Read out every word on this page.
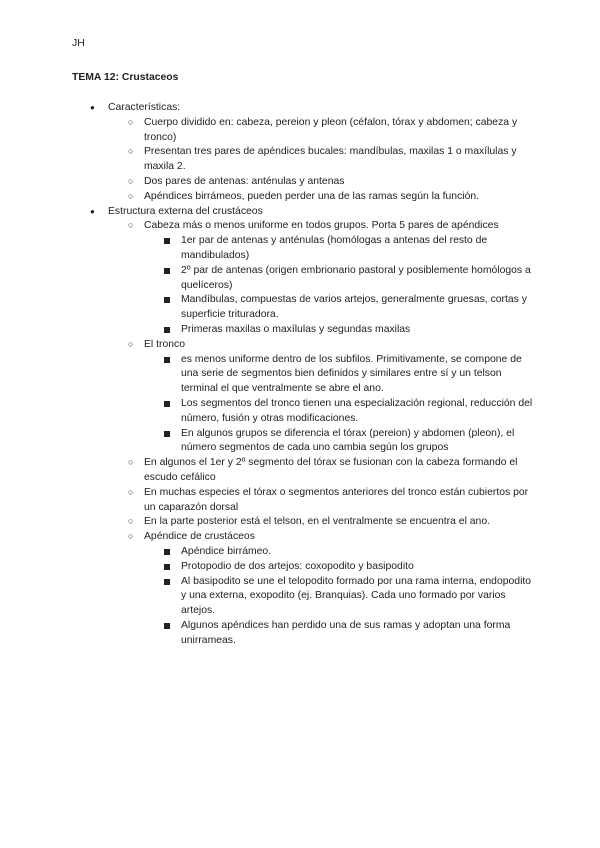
JH
TEMA 12: Crustaceos
● Características:
○ Cuerpo dividido en: cabeza, pereion y pleon (céfalon, tórax y abdomen; cabeza y tronco)
○ Presentan tres pares de apéndices bucales: mandíbulas, maxilas 1 o maxílulas y maxila 2.
○ Dos pares de antenas: anténulas y antenas
○ Apéndices birrámeos, pueden perder una de las ramas según la función.
● Estructura externa del crustáceos
○ Cabeza más o menos uniforme en todos grupos. Porta 5 pares de apéndices
1er par de antenas y anténulas (homólogas a antenas del resto de mandibulados)
2º par de antenas (origen embrionario pastoral y posiblemente homólogos a quelíceros)
Mandíbulas, compuestas de varios artejos, generalmente gruesas, cortas y superficie trituradora.
Primeras maxilas o maxílulas y segundas maxilas
○ El tronco
es menos uniforme dentro de los subfilos. Primitivamente, se compone de una serie de segmentos bien definidos y similares entre sí y un telson terminal el que ventralmente se abre el ano.
Los segmentos del tronco tienen una especialización regional, reducción del número, fusión y otras modificaciones.
En algunos grupos se diferencia el tórax (pereion) y abdomen (pleon), el número segmentos de cada uno cambia según los grupos
○ En algunos el 1er y 2º segmento del tórax se fusionan con la cabeza formando el escudo cefálico
○ En muchas especies el tórax o segmentos anteriores del tronco están cubiertos por un caparazón dorsal
○ En la parte posterior está el telson, en el ventralmente se encuentra el ano.
○ Apéndice de crustáceos
Apéndice birrámeo.
Protopodio de dos artejos: coxopodito y basipodito
Al basipodito se une el telopodito formado por una rama interna, endopodito y una externa, exopodito (ej. Branquias). Cada uno formado por varios artejos.
Algunos apéndices han perdido una de sus ramas y adoptan una forma unirrameas.
